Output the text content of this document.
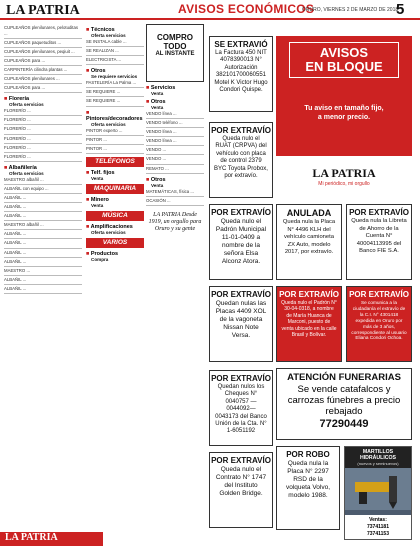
LA PATRIA	AVISOS ECONÓMICOS
ORURO, VIERNES 2 DE MARZO DE 2018
5
CUPLEAÑOS plenilunares, pelotuditas ...
CUPLEAÑOS paquetuditos ...
CUPLEAÑOS plenilunares, peqiuit ...
CUPLEAÑOS para ...
CARPINTERÍA cilindra plantas ...
CUPLEAÑOS plenilunares ...
CUPLEAÑOS para ...
■ Florería
Oferta servicios
FLORERÍO ...
FLORERÍO ...
FLORERÍO ...
FLORERÍO ...
FLORERÍO ...
FLORERÍO ...
■ Albañilería
Oferta servicios
MAESTRO albañil ...
ALBAÑIL con equipo ...
ALBAÑIL ...
ALBAÑIL ...
ALBAÑIL ...
MAESTRO albañil ...
ALBAÑIL ...
ALBAÑIL ...
ALBAÑIL ...
ALBAÑIL ...
MAESTRO ...
ALBAÑIL ...
ALBAÑIL ...
LA PATRIA
■ Técnicos
Oferta servicios
SE INSTALA cable ...
SE REALIZAN ...
ELECTRICISTA ...
■ Otros
Se requiere servicios
PASTELERÍA La Palma ...
SE REQUIERE ...
SE REQUIERE ...
■ Pintores/decoradores
Oferta servicios
PINTOR experto ...
PINTOR ...
PINTOR ...
TELÉFONOS
■ Telf. fijos
Venta
MAQUINARIA
■ Minero
Venta
MÚSICA
■ Amplificaciones
Oferta servicios
VARIOS
■ Productos
Compra
COMPRO TODO
AL INSTANTE
■ Servicios
Venta
■ Otros
Venta
VENDO línea ...
VENDO teléfono ...
VENDO línea ...
VENDO línea ...
VENDO ...
VENDO ...
REMATO ...
■ Otros
Venta
MATEMÁTICAS, física ...
OCASIÓN ...
LA PATRIA Desde 1919, un orgullo para Oruro y su gente
SE EXTRAVIÓ
La Factura 450 NIT 4078390013 N° Autorización 382101700060551 Motel K Victor Hugo Condori Quispe.
POR EXTRAVÍO
Queda nulo el RUAT (CRPVA) del vehículo con placa de control 2379 BYC Toyota Probox, por extravío.
AVISOS
EN BLOQUE
Tu aviso en tamaño fijo,
a menor precio.
LA PATRIA
Mi periódico, mi orgullo
POR EXTRAVÍO
Queda nulo el Padrón Municipal 11-01-0409 a nombre de la señora Elsa Alconz Atora.
POR EXTRAVÍO
Quedan nulas las Placas 4409 XOL de la vagoneta Nissan Note Versa.
POR EXTRAVÍO
Quedan nulos los Cheques N° 0040757 —0044092— 0043173 del Banco Unión de la Cta. N° 1-6051192
POR EXTRAVÍO
Queda nulo el Contrato N° 1747 del Instituto Golden Bridge.
ANULADA
Queda nula la Placa N° 4496 KLH del vehículo camioneta ZX Auto, modelo 2017, por extravío.
POR EXTRAVÍO
Queda nula la Libreta de Ahorro de la Cuenta N° 40004113995 del Banco FIE S.A.
POR EXTRAVÍO
Queda nulo el Padrón N° 30-04-0318, a nombre de María Huanca de Marconi, puesto de venta ubicado en la calle Brasil y Bolívar.
POR EXTRAVÍO
Se comunica a la ciudadanía el extravío de la C.I. N° 4301418 expedida en Oruro por más de 3 años, correspondiente al usuario Eliana Condori Ochoa.
ATENCIÓN FUNERARIAS
Se vende catafalcos y carrozas fúnebres a precio rebajado
77290449
POR ROBO
Queda nula la Placa N° 2297 RSD de la volqueta Volvo, modelo 1988.
MARTILLOS HIDRÁULICOS
(nuevos y seminuevos)
Ventas:
73741181
73741153
